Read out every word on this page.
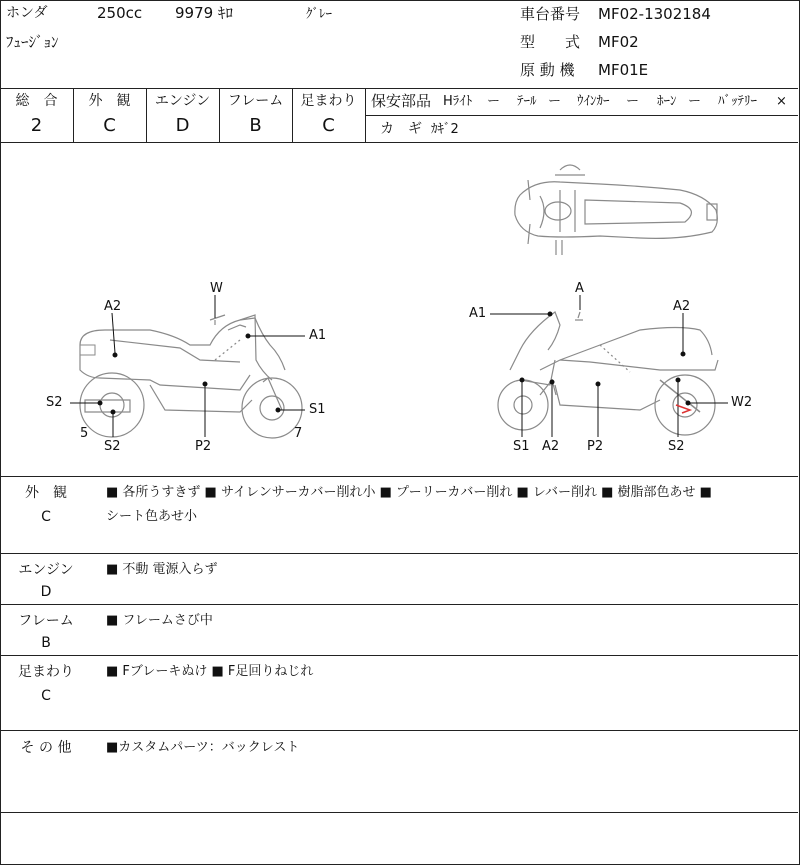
ホンダ	250cc 9979 ｷﾛ	ｸﾞﾚｰ
ﾌｭｰｼﾞｮﾝ
車台番号 MF02-1302184
型　　式 MF02
原 動 機 MF01E
総　合
2
外　観
C
エンジン
D
フレーム
B
足まわり
C
保安部品 Hﾗｲﾄ ー ﾃｰﾙ ー ｳｲﾝｶｰ ー ﾎｰﾝ ー ﾊﾞｯﾃﾘｰ ×
カ　ギ ｶｷﾞ2
W
A2
A1
S2	S1
5	7
S2	P2
A
A2
A1
W2
S1 A2 P2	S2
外　観
C
■ 各所うすきず ■ サイレンサーカバー削れ小 ■ プーリーカバー削れ ■ レバー削れ ■ 樹脂部色あせ ■
シート色あせ小
エンジン
D
■ 不動 電源入らず
フレーム
B
■ フレームさび中
足まわり
C
■ Fブレーキぬけ ■ F足回りねじれ
そ の 他	■カスタムパーツ：バックレスト
